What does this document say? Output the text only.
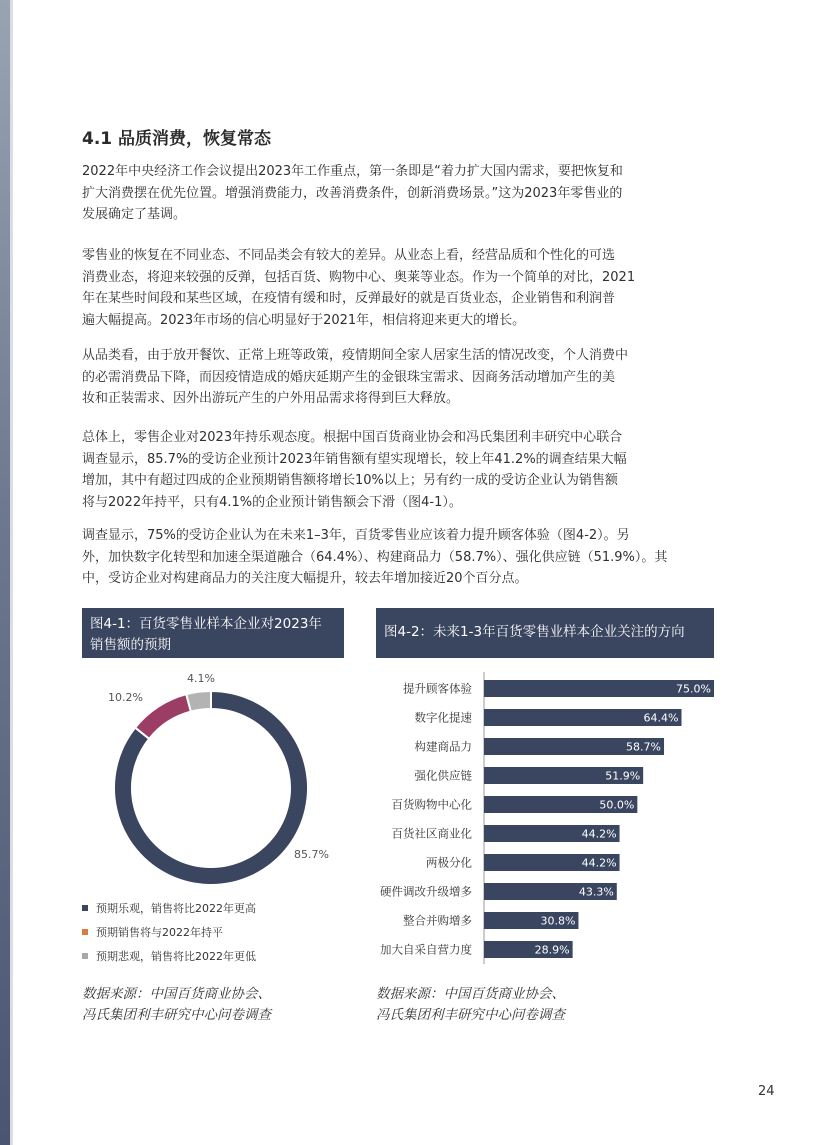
4.1 品质消费，恢复常态

2022年中央经济工作会议提出2023年工作重点，第一条即是“着力扩大国内需求，要把恢复和
扩大消费摆在优先位置。增强消费能力，改善消费条件，创新消费场景。”这为2023年零售业的
发展确定了基调。

零售业的恢复在不同业态、不同品类会有较大的差异。从业态上看，经营品质和个性化的可选
消费业态，将迎来较强的反弹，包括百货、购物中心、奥莱等业态。作为一个简单的对比，2021
年在某些时间段和某些区域，在疫情有缓和时，反弹最好的就是百货业态，企业销售和利润普
遍大幅提高。2023年市场的信心明显好于2021年，相信将迎来更大的增长。

从品类看，由于放开餐饮、正常上班等政策，疫情期间全家人居家生活的情况改变，个人消费中
的必需消费品下降，而因疫情造成的婚庆延期产生的金银珠宝需求、因商务活动增加产生的美
妆和正装需求、因外出游玩产生的户外用品需求将得到巨大释放。

总体上，零售企业对2023年持乐观态度。根据中国百货商业协会和冯氏集团利丰研究中心联合
调查显示，85.7%的受访企业预计2023年销售额有望实现增长，较上年41.2%的调查结果大幅
增加，其中有超过四成的企业预期销售额将增长10%以上；另有约一成的受访企业认为销售额
将与2022年持平，只有4.1%的企业预计销售额会下滑（图4-1）。

调查显示，75%的受访企业认为在未来1–3年，百货零售业应该着力提升顾客体验（图4-2）。另
外，加快数字化转型和加速全渠道融合（64.4%）、构建商品力（58.7%）、强化供应链（51.9%）。其
中，受访企业对构建商品力的关注度大幅提升，较去年增加接近20个百分点。

图4-1：百货零售业样本企业对2023年
销售额的预期
图4-2：未来1-3年百货零售业样本企业关注的方向
85.7%
10.2%
4.1%
预期乐观，销售将比2022年更高
预期销售将与2022年持平
预期悲观，销售将比2022年更低
提升顾客体验	75.0%
数字化提速	64.4%
构建商品力	58.7%
强化供应链	51.9%
百货购物中心化	50.0%
百货社区商业化	44.2%
两极分化	44.2%
硬件调改升级增多	43.3%
整合并购增多	30.8%
加大自采自营力度	28.9%
数据来源：中国百货商业协会、
冯氏集团利丰研究中心问卷调查
数据来源：中国百货商业协会、
冯氏集团利丰研究中心问卷调查
24
